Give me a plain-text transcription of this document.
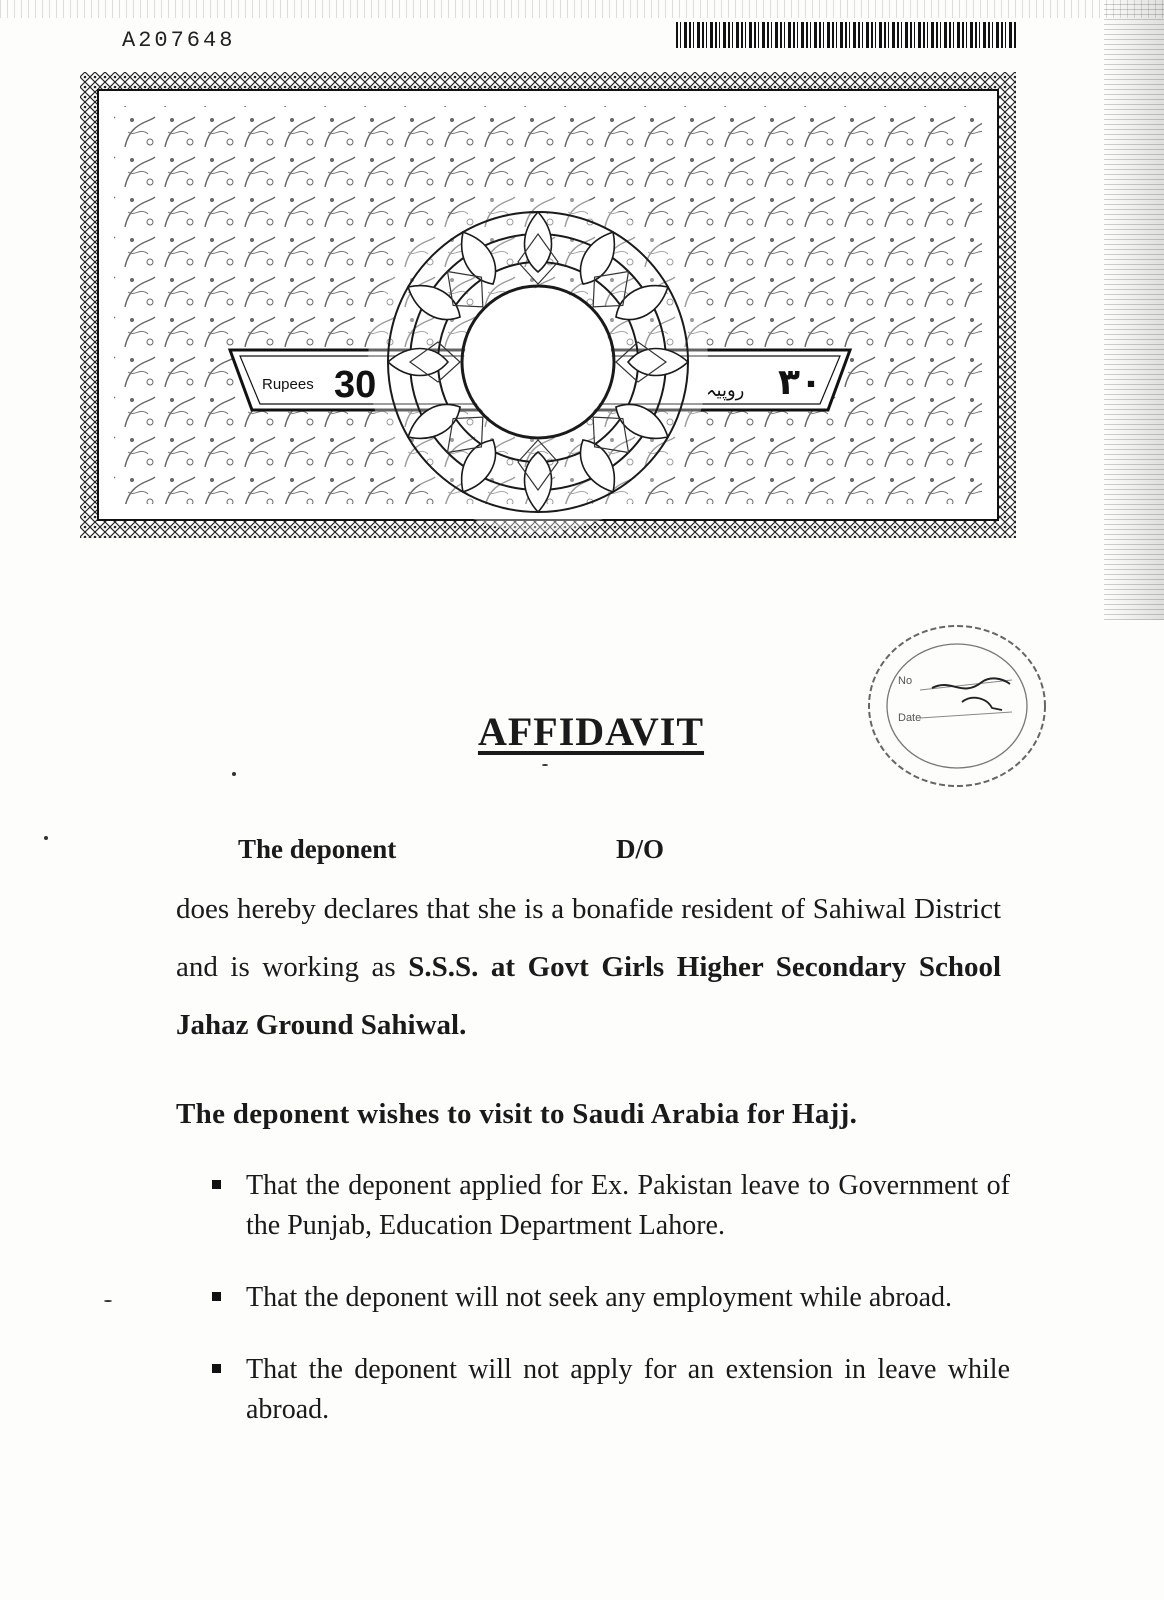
A207648
Rupees 30	۳۰
روپیہ
No
Date
AFFIDAVIT
The deponent	D/O
does hereby declares that she is a bonafide resident of Sahiwal District and is working as S.S.S. at Govt Girls Higher Secondary School Jahaz Ground Sahiwal.
The deponent wishes to visit to Saudi Arabia for Hajj.
That the deponent applied for Ex. Pakistan leave to Government of the Punjab, Education Department Lahore.
That the deponent will not seek any employment while abroad.
That the deponent will not apply for an extension in leave while abroad.
